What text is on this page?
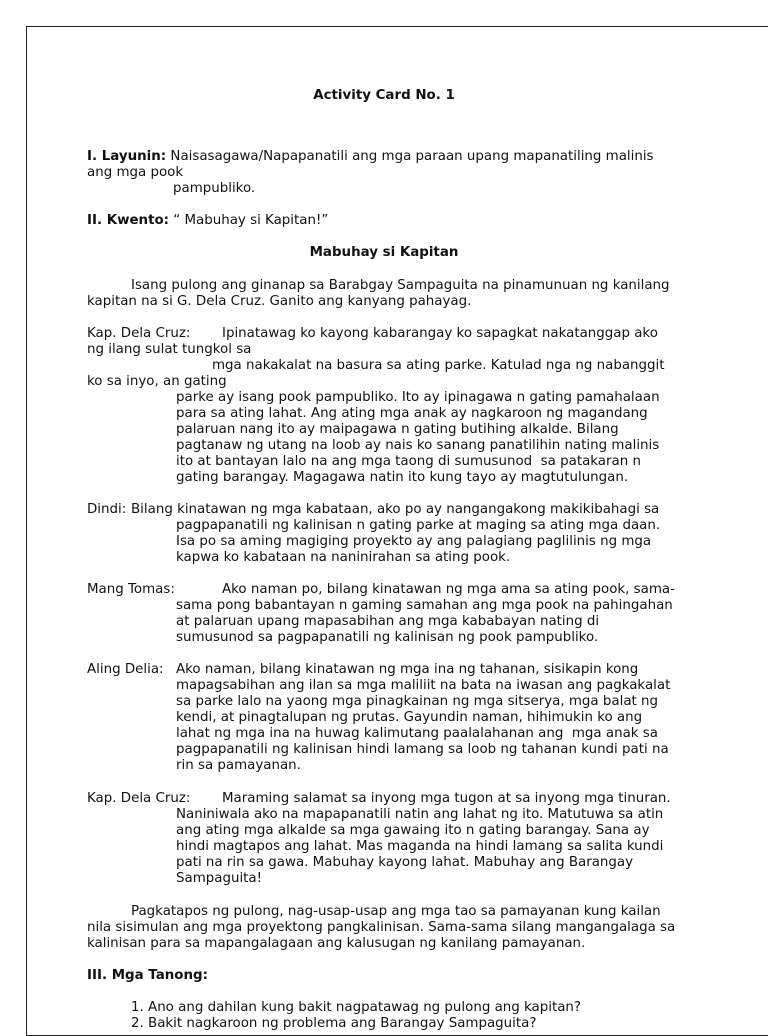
Activity Card No. 1
I. Layunin: Naisasagawa/Napapanatili ang mga paraan upang mapanatiling malinis
ang mga pook
pampubliko.
II. Kwento: “ Mabuhay si Kapitan!”
Mabuhay si Kapitan
Isang pulong ang ginanap sa Barabgay Sampaguita na pinamunuan ng kanilang
kapitan na si G. Dela Cruz. Ganito ang kanyang pahayag.
Kap. Dela Cruz: Ipinatawag ko kayong kabarangay ko sapagkat nakatanggap ako
ng ilang sulat tungkol sa
mga nakakalat na basura sa ating parke. Katulad nga ng nabanggit
ko sa inyo, an gating
parke ay isang pook pampubliko. Ito ay ipinagawa n gating pamahalaan
para sa ating lahat. Ang ating mga anak ay nagkaroon ng magandang
palaruan nang ito ay maipagawa n gating butihing alkalde. Bilang
pagtanaw ng utang na loob ay nais ko sanang panatilihin nating malinis
ito at bantayan lalo na ang mga taong di sumusunod  sa patakaran n
gating barangay. Magagawa natin ito kung tayo ay magtutulungan.
Dindi: Bilang kinatawan ng mga kabataan, ako po ay nangangakong makikibahagi sa
pagpapanatili ng kalinisan n gating parke at maging sa ating mga daan.
Isa po sa aming magiging proyekto ay ang palagiang paglilinis ng mga
kapwa ko kabataan na naninirahan sa ating pook.
Mang Tomas:	Ako naman po, bilang kinatawan ng mga ama sa ating pook, sama-
sama pong babantayan n gaming samahan ang mga pook na pahingahan
at palaruan upang mapasabihan ang mga kababayan nating di
sumusunod sa pagpapanatili ng kalinisan ng pook pampubliko.
Aling Delia: Ako naman, bilang kinatawan ng mga ina ng tahanan, sisikapin kong
mapagsabihan ang ilan sa mga maliliit na bata na iwasan ang pagkakalat
sa parke lalo na yaong mga pinagkainan ng mga sitserya, mga balat ng
kendi, at pinagtalupan ng prutas. Gayundin naman, hihimukin ko ang
lahat ng mga ina na huwag kalimutang paalalahanan ang  mga anak sa
pagpapanatili ng kalinisan hindi lamang sa loob ng tahanan kundi pati na
rin sa pamayanan.
Kap. Dela Cruz: Maraming salamat sa inyong mga tugon at sa inyong mga tinuran.
Naniniwala ako na mapapanatili natin ang lahat ng ito. Matutuwa sa atin
ang ating mga alkalde sa mga gawaing ito n gating barangay. Sana ay
hindi magtapos ang lahat. Mas maganda na hindi lamang sa salita kundi
pati na rin sa gawa. Mabuhay kayong lahat. Mabuhay ang Barangay
Sampaguita!
Pagkatapos ng pulong, nag-usap-usap ang mga tao sa pamayanan kung kailan
nila sisimulan ang mga proyektong pangkalinisan. Sama-sama silang mangangalaga sa
kalinisan para sa mapangalagaan ang kalusugan ng kanilang pamayanan.
III. Mga Tanong:
1. Ano ang dahilan kung bakit nagpatawag ng pulong ang kapitan?
2. Bakit nagkaroon ng problema ang Barangay Sampaguita?
